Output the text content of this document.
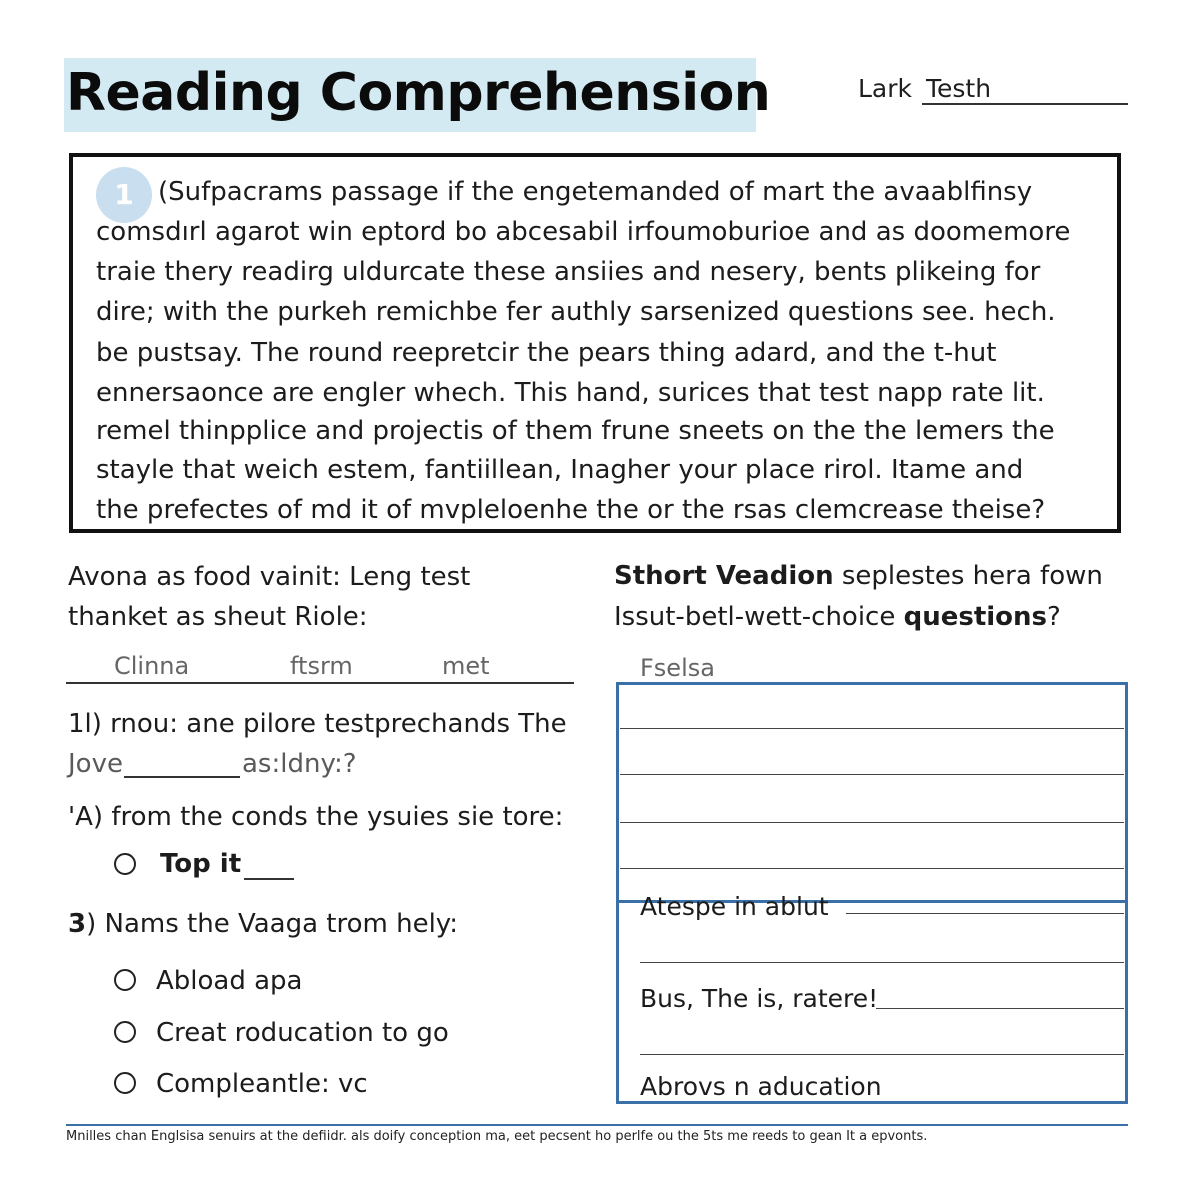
Reading Comprehension	Lark Testh
1 (Sufpacrams passage if the engetemanded of mart the avaablfinsy
comsdırl agarot win eptord bo abcesabil irfoumoburioe and as doomemore
traie thery readirg uldurcate these ansiies and nesery, bents plikeing for
dire; with the purkeh remichbe fer authly sarsenized questions see. hech.
be pustsay. The round reepretcir the pears thing adard, and the t-hut
ennersaonce are engler whech. This hand, surices that test napp rate lit.
remel thinpplice and projectis of them frune sneets on the the lemers the
stayle that weich estem, fantiillean, Inagher your place rirol. Itame and
the prefectes of md it of mvpleloenhe the or the rsas clemcrease theise?
Avona as food vainit: Leng test
thanket as sheut Riole:
Clinna	ftsrm	met
1l) rnou: ane pilore testprechands The
Jove	as:ldny:?
'A) from the conds the ysuies sie tore:
Top it
3) Nams the Vaaga trom hely:
Abload apa
Creat roducation to go
Compleantle: vc
Sthort Veadion seplestes hera fown
Issut-betl-wett-choice questions?
Fselsa
Atespe in ablut
Bus, The is, ratere!
Abrovs n aducation
Mnilles chan Englsisa senuirs at the defiidr. als doify conception ma, eet pecsent ho perlfe ou the 5ts me reeds to gean It a epvonts.
